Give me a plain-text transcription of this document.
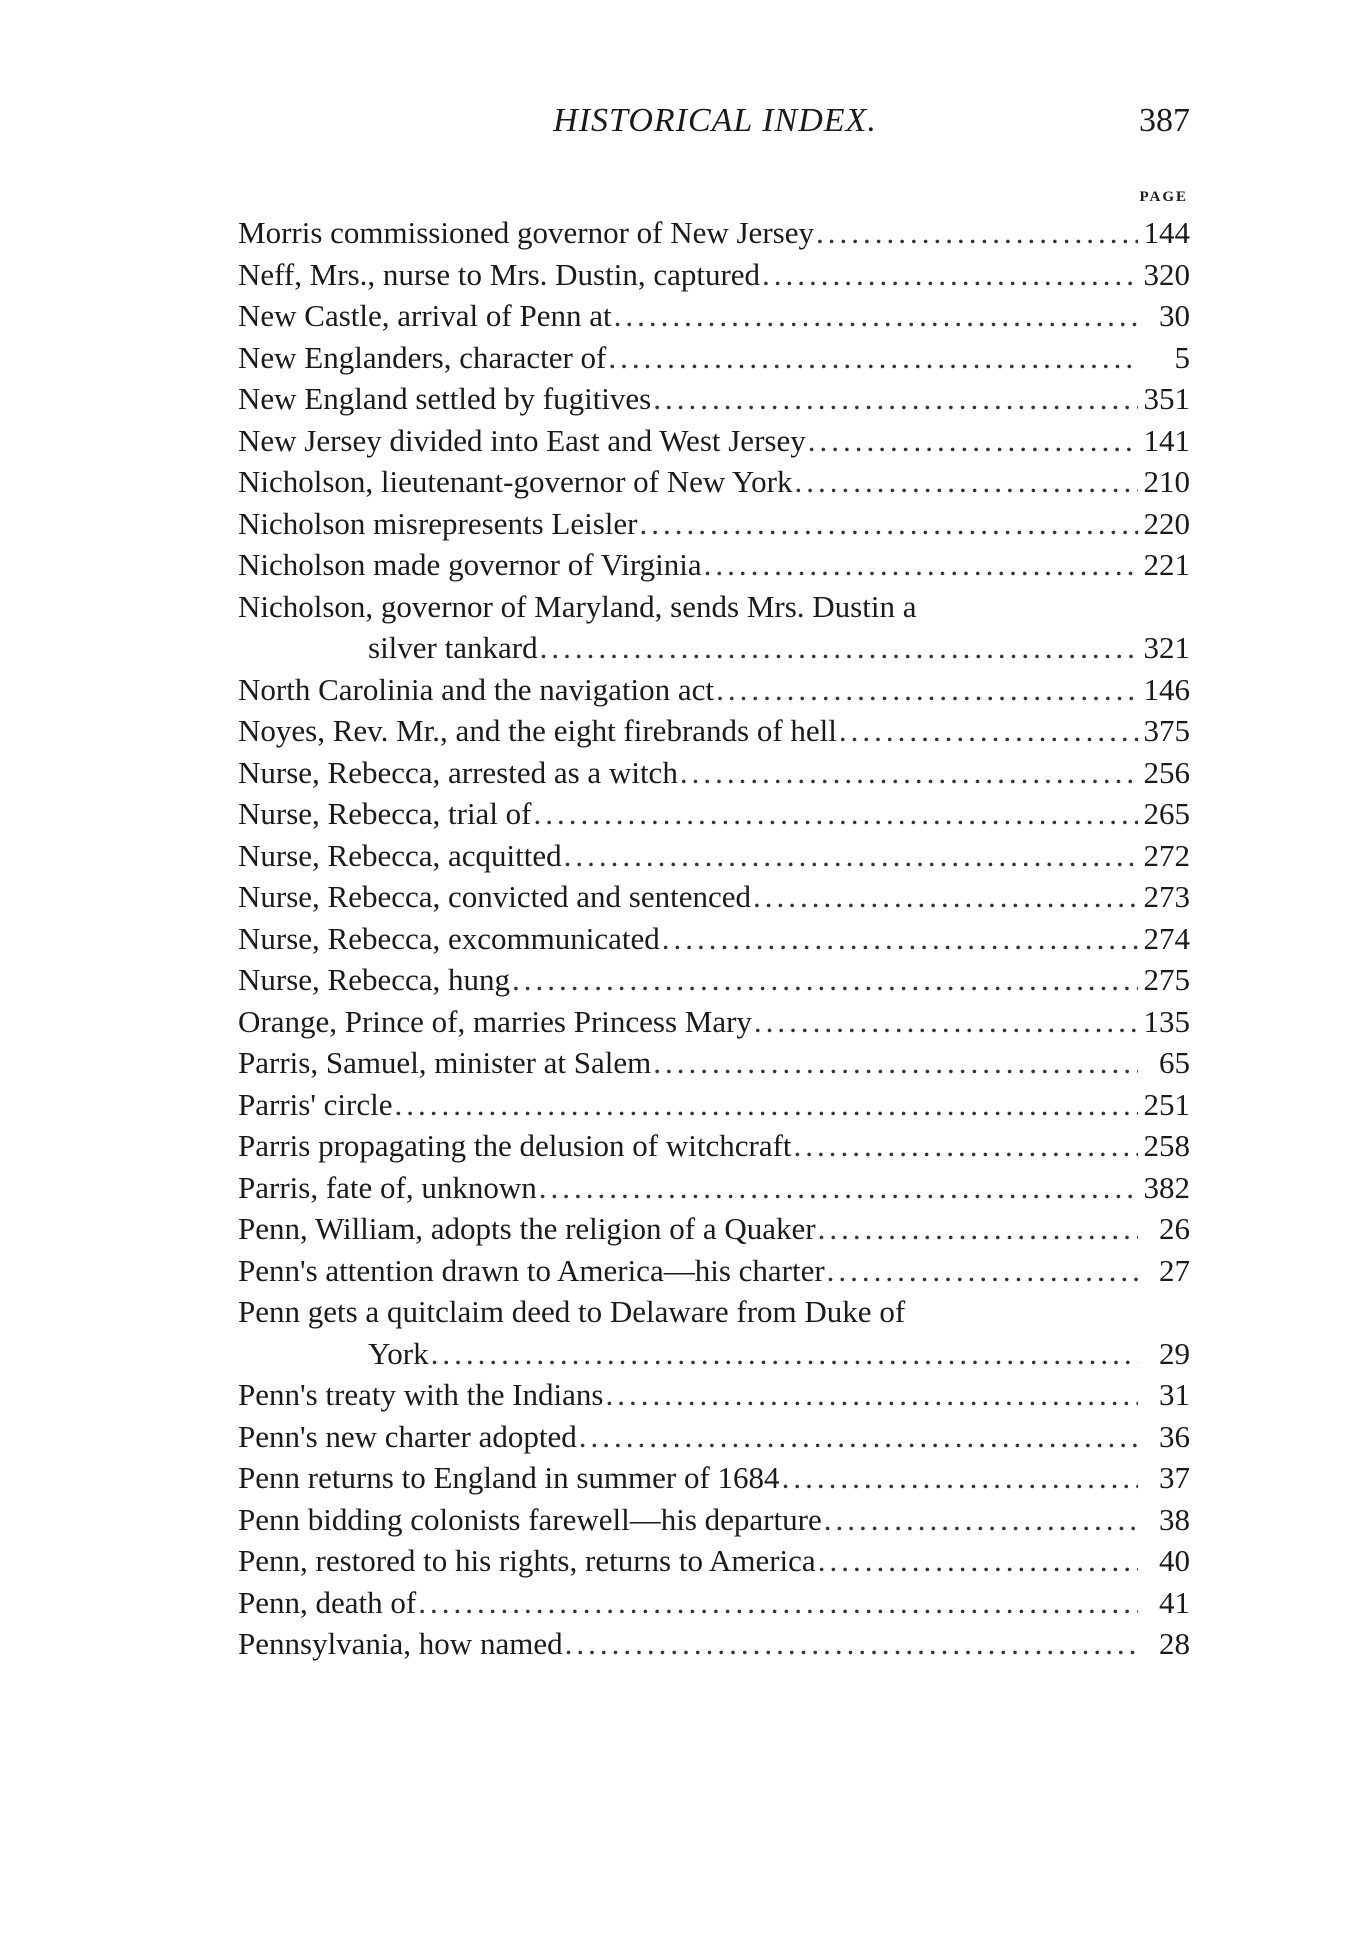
HISTORICAL INDEX.	387
PAGE
Morris commissioned governor of New Jersey .....	144
Neff, Mrs., nurse to Mrs. Dustin, captured .....	320
New Castle, arrival of Penn at .....	30
New Englanders, character of .....	5
New England settled by fugitives .....	351
New Jersey divided into East and West Jersey .....	141
Nicholson, lieutenant-governor of New York .....	210
Nicholson misrepresents Leisler .....	220
Nicholson made governor of Virginia .....	221
Nicholson, governor of Maryland, sends Mrs. Dustin a
silver tankard .....	321
North Carolinia and the navigation act .....	146
Noyes, Rev. Mr., and the eight firebrands of hell .....	375
Nurse, Rebecca, arrested as a witch .....	256
Nurse, Rebecca, trial of .....	265
Nurse, Rebecca, acquitted .....	272
Nurse, Rebecca, convicted and sentenced .....	273
Nurse, Rebecca, excommunicated .....	274
Nurse, Rebecca, hung .....	275
Orange, Prince of, marries Princess Mary .....	135
Parris, Samuel, minister at Salem .....	65
Parris' circle .....	251
Parris propagating the delusion of witchcraft .....	258
Parris, fate of, unknown .....	382
Penn, William, adopts the religion of a Quaker .....	26
Penn's attention drawn to America—his charter .....	27
Penn gets a quitclaim deed to Delaware from Duke of
York .....	29
Penn's treaty with the Indians .....	31
Penn's new charter adopted .....	36
Penn returns to England in summer of 1684 .....	37
Penn bidding colonists farewell—his departure .....	38
Penn, restored to his rights, returns to America .....	40
Penn, death of .....	41
Pennsylvania, how named .....	28
